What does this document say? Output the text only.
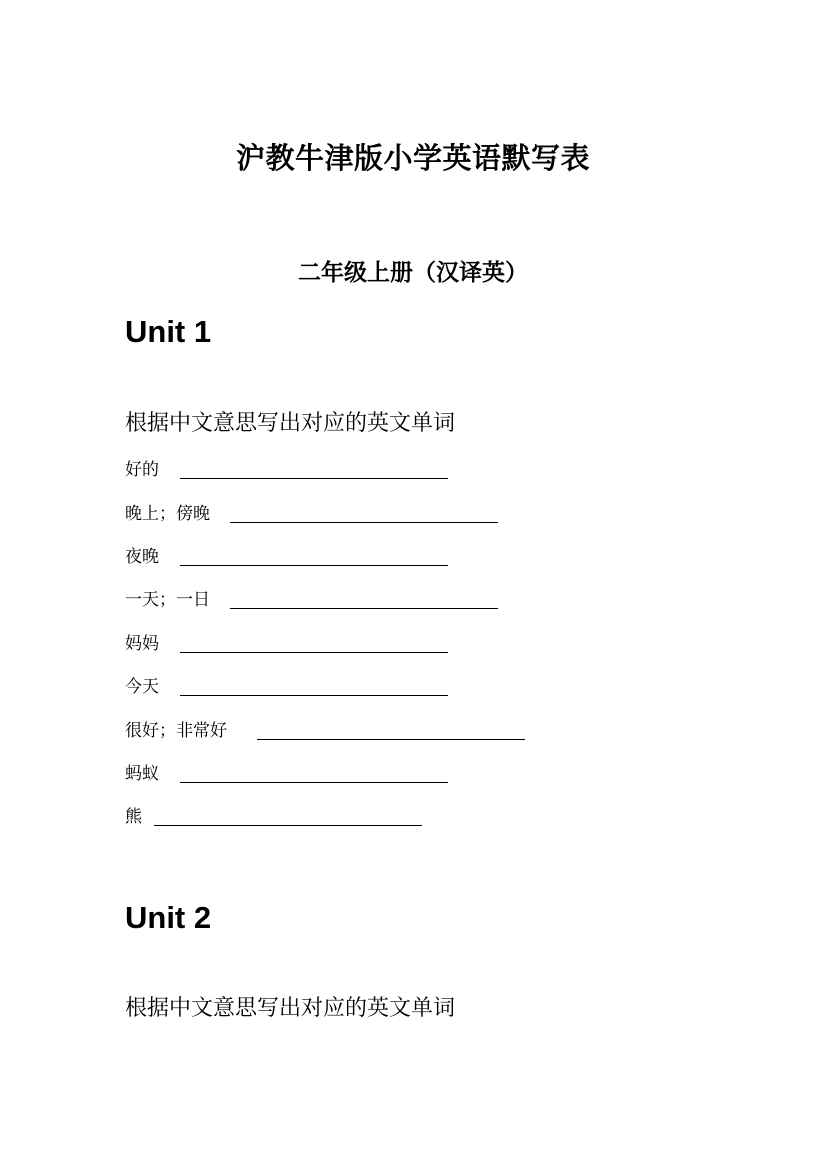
沪教牛津版小学英语默写表
二年级上册（汉译英）
Unit 1
根据中文意思写出对应的英文单词
好的
晚上；傍晚
夜晚
一天；一日
妈妈
今天
很好；非常好
蚂蚁
熊
Unit 2
根据中文意思写出对应的英文单词
